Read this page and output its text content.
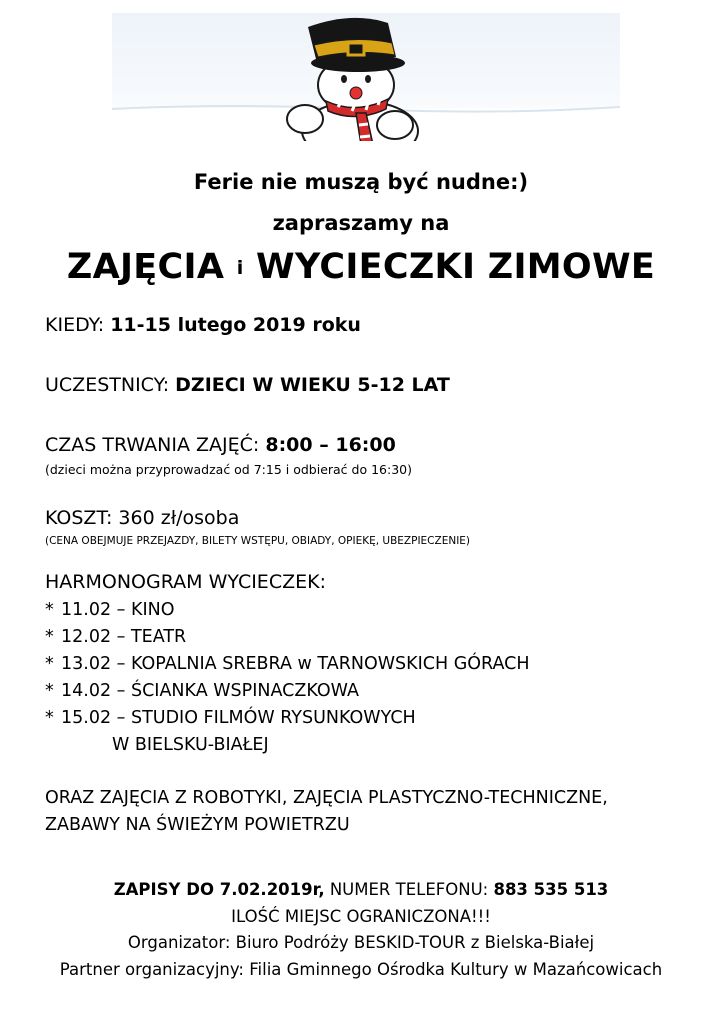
Ferie nie muszą być nudne:)
zapraszamy na
ZAJĘCIA i WYCIECZKI ZIMOWE
KIEDY: 11-15 lutego 2019 roku
UCZESTNICY: DZIECI W WIEKU 5-12 LAT
CZAS TRWANIA ZAJĘĆ: 8:00 – 16:00
(dzieci można przyprowadzać od 7:15 i odbierać do 16:30)
KOSZT: 360 zł/osoba
(CENA OBEJMUJE PRZEJAZDY, BILETY WSTĘPU, OBIADY, OPIEKĘ, UBEZPIECZENIE)
HARMONOGRAM WYCIECZEK:
* 11.02 – KINO
* 12.02 – TEATR
* 13.02 – KOPALNIA SREBRA w TARNOWSKICH GÓRACH
* 14.02 – ŚCIANKA WSPINACZKOWA
* 15.02 – STUDIO FILMÓW RYSUNKOWYCH
W BIELSKU-BIAŁEJ
ORAZ ZAJĘCIA Z ROBOTYKI, ZAJĘCIA PLASTYCZNO-TECHNICZNE,
ZABAWY NA ŚWIEŻYM POWIETRZU
ZAPISY DO 7.02.2019r, NUMER TELEFONU: 883 535 513
ILOŚĆ MIEJSC OGRANICZONA!!!
Organizator: Biuro Podróży BESKID-TOUR z Bielska-Białej
Partner organizacyjny: Filia Gminnego Ośrodka Kultury w Mazańcowicach
